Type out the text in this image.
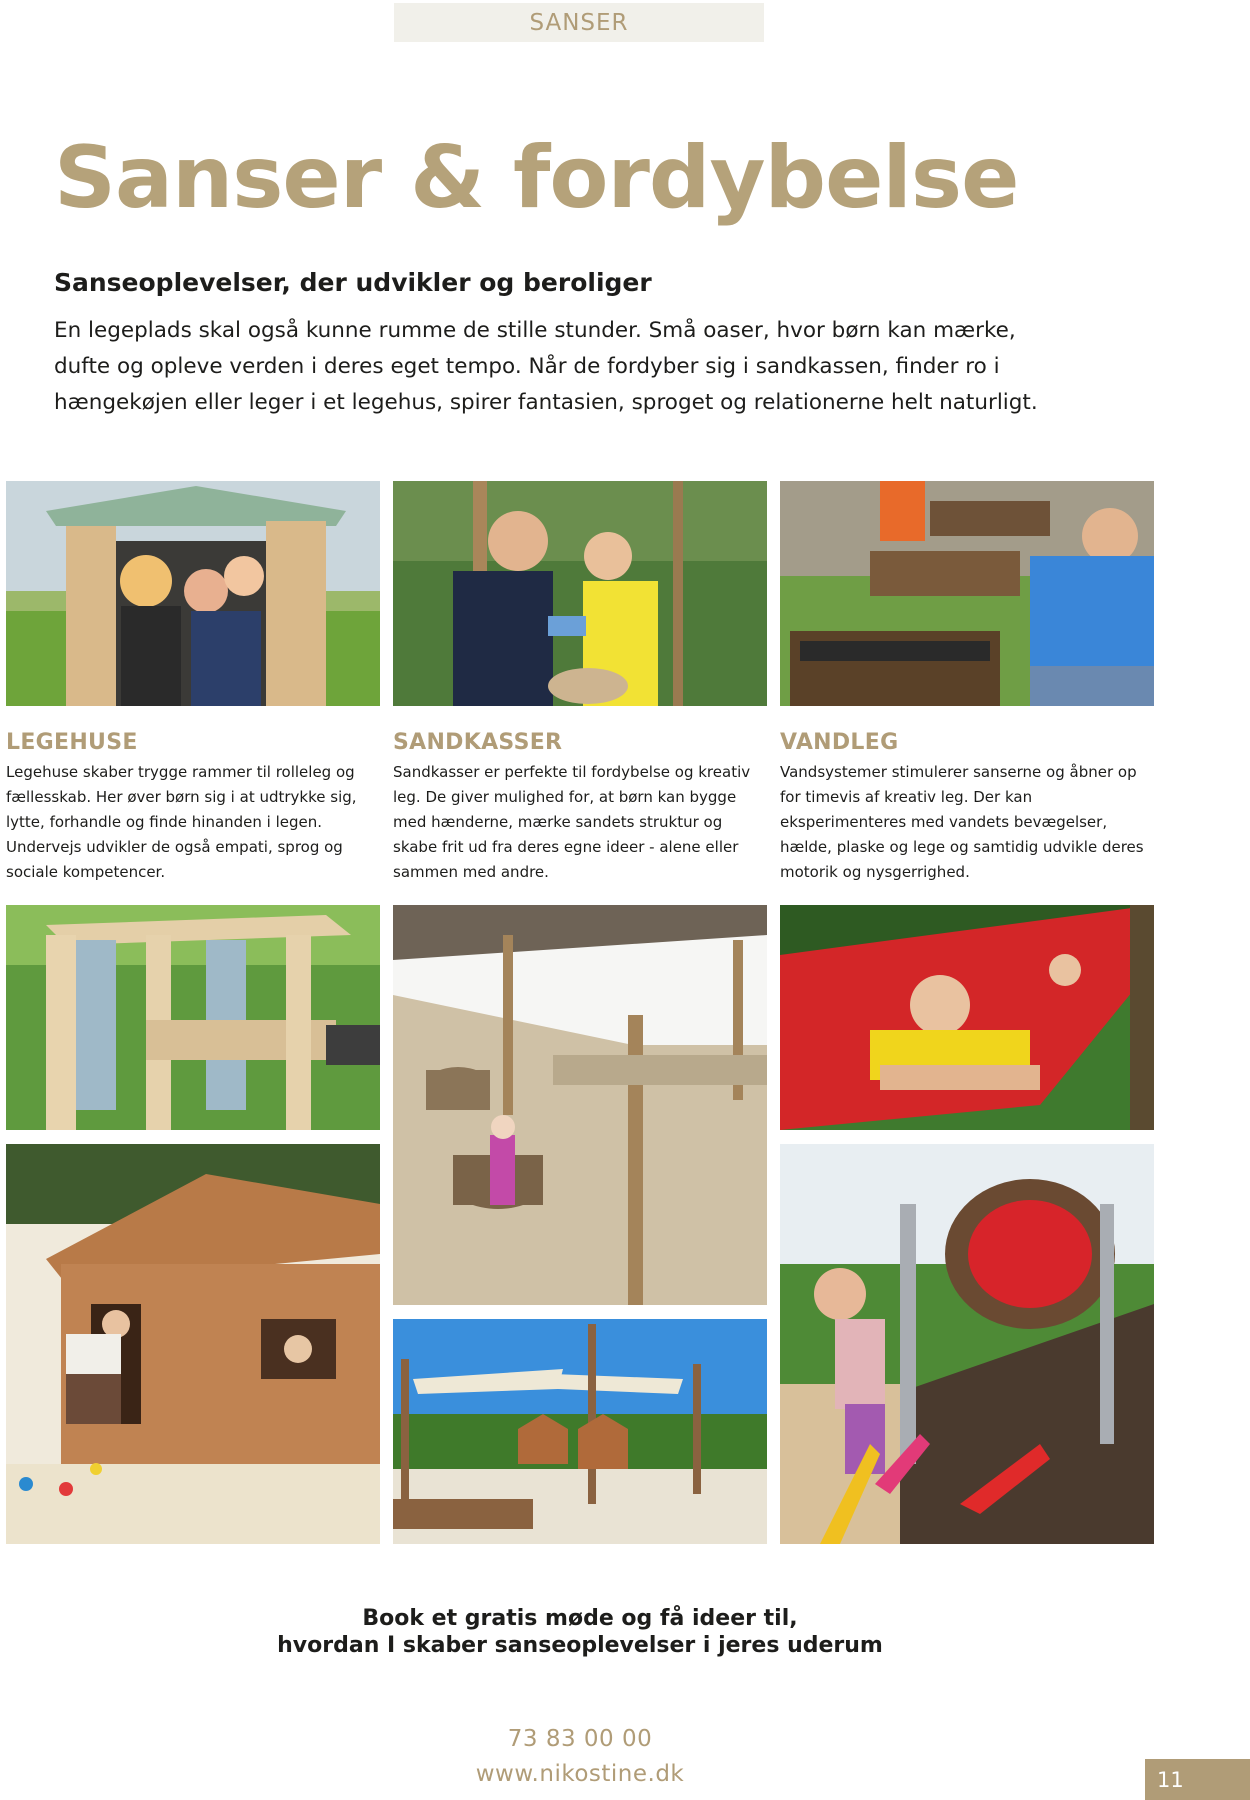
SANSER
Sanser & fordybelse
Sanseoplevelser, der udvikler og beroliger

En legeplads skal også kunne rumme de stille stunder. Små oaser, hvor børn kan mærke, dufte og opleve verden i deres eget tempo. Når de fordyber sig i sandkassen, finder ro i hængekøjen eller leger i et legehus, spirer fantasien, sproget og relationerne helt naturligt.

LEGEHUSE

Legehuse skaber trygge rammer til rolleleg og fællesskab. Her øver børn sig i at udtrykke sig, lytte, forhandle og finde hinanden i legen. Undervejs udvikler de også empati, sprog og sociale kompetencer.

SANDKASSER

Sandkasser er perfekte til fordybelse og kreativ leg. De giver mulighed for, at børn kan bygge med hænderne, mærke sandets struktur og skabe frit ud fra deres egne ideer - alene eller sammen med andre.

VANDLEG

Vandsystemer stimulerer sanserne og åbner op for timevis af kreativ leg. Der kan eksperimenteres med vandets bevægelser, hælde, plaske og lege og samtidig udvikle deres motorik og nysgerrighed.

Book et gratis møde og få ideer til,
hvordan I skaber sanseoplevelser i jeres uderum
73 83 00 00
www.nikostine.dk	11
